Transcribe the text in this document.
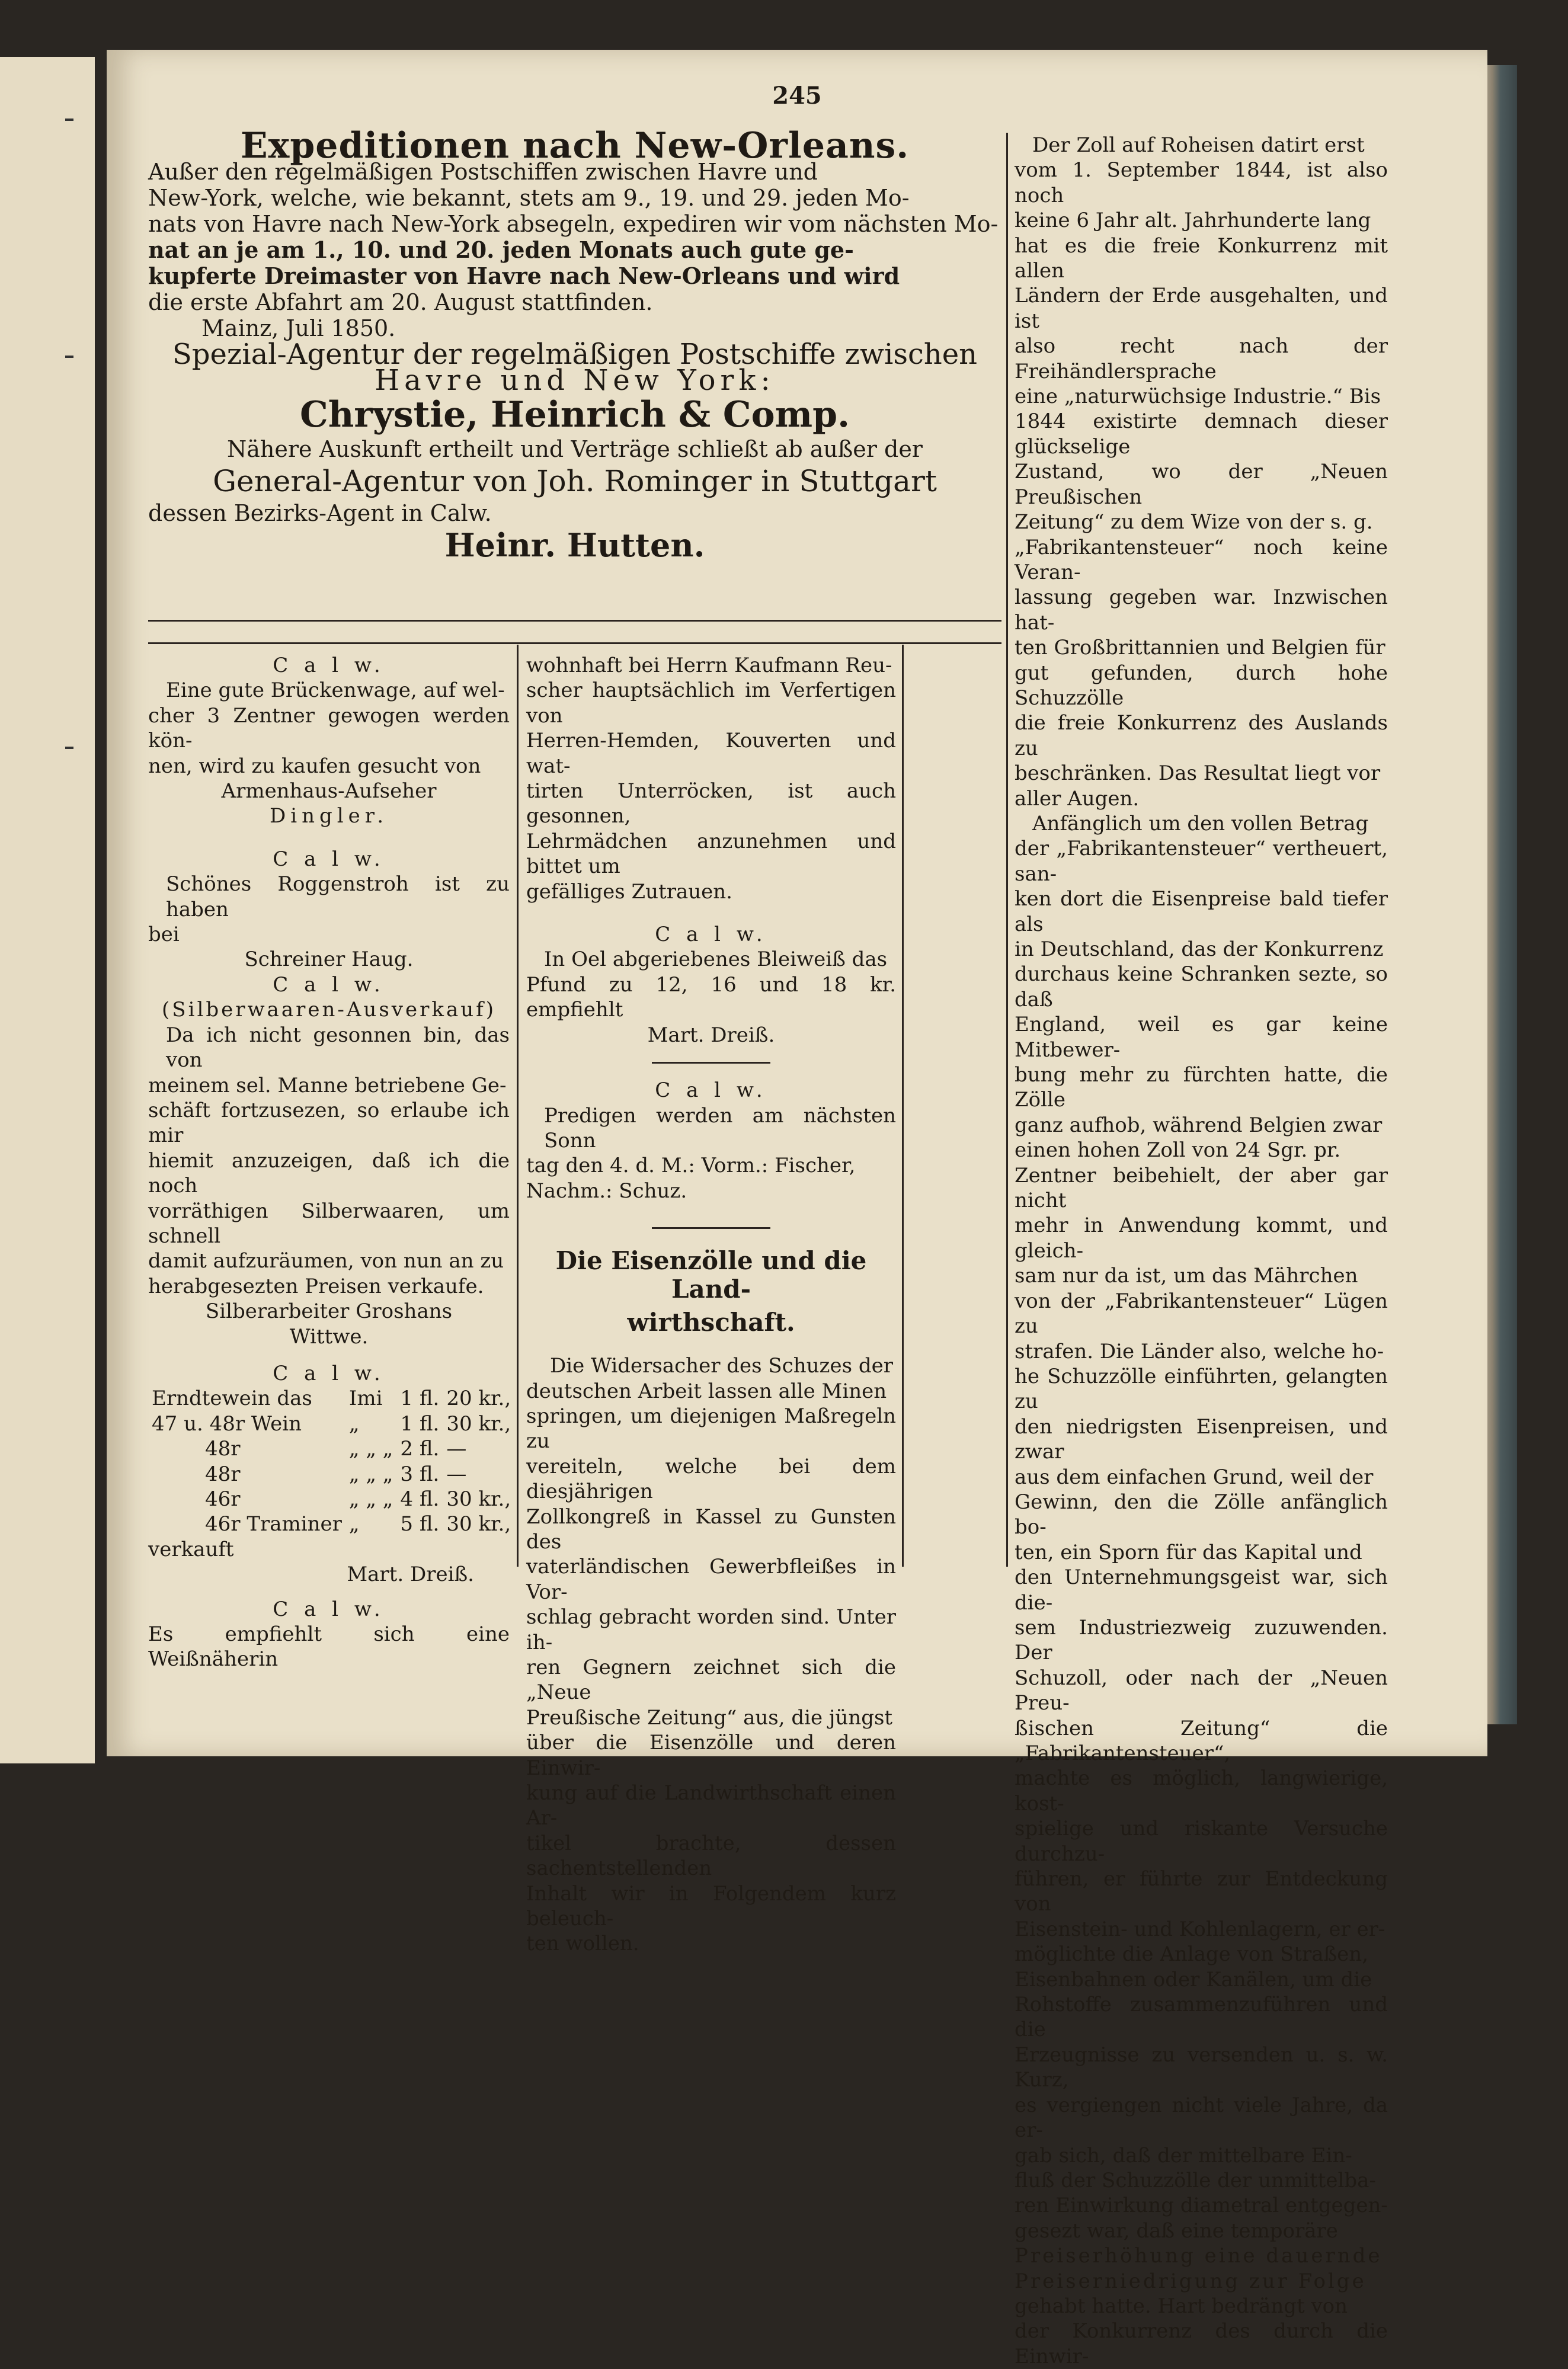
245
Expeditionen nach New-Orleans.

Außer den regelmäßigen Postschiffen zwischen Havre und

New-York, welche, wie bekannt, stets am 9., 19. und 29. jeden Mo-

nats von Havre nach New-York absegeln, expediren wir vom nächsten Mo-

nat an je am 1., 10. und 20. jeden Monats auch gute ge-

kupferte Dreimaster von Havre nach New-Orleans und wird

die erste Abfahrt am 20. August stattfinden.

Mainz, Juli 1850.

Spezial-Agentur der regelmäßigen Postschiffe zwischen

Havre und New York:

Chrystie, Heinrich & Comp.

Nähere Auskunft ertheilt und Verträge schließt ab außer der

General-Agentur von Joh. Rominger in Stuttgart

dessen Bezirks-Agent in Calw.

Heinr. Hutten.

C a l w.

Eine gute Brückenwage, auf wel-

cher 3 Zentner gewogen werden kön-

nen, wird zu kaufen gesucht von

Armenhaus-Aufseher

Dingler.

C a l w.

Schönes Roggenstroh ist zu haben

bei

Schreiner Haug.

C a l w.

(Silberwaaren-Ausverkauf)

Da ich nicht gesonnen bin, das von

meinem sel. Manne betriebene Ge-

schäft fortzusezen, so erlaube ich mir

hiemit anzuzeigen, daß ich die noch

vorräthigen Silberwaaren, um schnell

damit aufzuräumen, von nun an zu

herabgesezten Preisen verkaufe.

Silberarbeiter Groshans

Wittwe.

C a l w.

Erndtewein das	Imi	1 fl.	20 kr.,
47 u. 48r Wein	„	1 fl.	30 kr.,
48r	„ „ „	2 fl.	—
48r	„ „ „	3 fl.	—
46r	„ „ „	4 fl.	30 kr.,
46r Traminer	„	5 fl.	30 kr.,

verkauft

Mart. Dreiß.

C a l w.

Es empfiehlt sich eine Weißnäherin

wohnhaft bei Herrn Kaufmann Reu-

scher hauptsächlich im Verfertigen von

Herren-Hemden, Kouverten und wat-

tirten Unterröcken, ist auch gesonnen,

Lehrmädchen anzunehmen und bittet um

gefälliges Zutrauen.

C a l w.

In Oel abgeriebenes Bleiweiß das

Pfund zu 12, 16 und 18 kr. empfiehlt

Mart. Dreiß.

C a l w.

Predigen werden am nächsten Sonn

tag den 4. d. M.: Vorm.: Fischer,

Nachm.: Schuz.

Die Eisenzölle und die Land-
wirthschaft.

Die Widersacher des Schuzes der

deutschen Arbeit lassen alle Minen

springen, um diejenigen Maßregeln zu

vereiteln, welche bei dem diesjährigen

Zollkongreß in Kassel zu Gunsten des

vaterländischen Gewerbfleißes in Vor-

schlag gebracht worden sind. Unter ih-

ren Gegnern zeichnet sich die „Neue

Preußische Zeitung“ aus, die jüngst

über die Eisenzölle und deren Einwir-

kung auf die Landwirthschaft einen Ar-

tikel brachte, dessen sachentstellenden

Inhalt wir in Folgendem kurz beleuch-

ten wollen.

Der Zoll auf Roheisen datirt erst

vom 1. September 1844, ist also noch

keine 6 Jahr alt. Jahrhunderte lang

hat es die freie Konkurrenz mit allen

Ländern der Erde ausgehalten, und ist

also recht nach der Freihändlersprache

eine „naturwüchsige Industrie.“ Bis

1844 existirte demnach dieser glückselige

Zustand, wo der „Neuen Preußischen

Zeitung“ zu dem Wize von der s. g.

„Fabrikantensteuer“ noch keine Veran-

lassung gegeben war. Inzwischen hat-

ten Großbrittannien und Belgien für

gut gefunden, durch hohe Schuzzölle

die freie Konkurrenz des Auslands zu

beschränken. Das Resultat liegt vor

aller Augen.

Anfänglich um den vollen Betrag

der „Fabrikantensteuer“ vertheuert, san-

ken dort die Eisenpreise bald tiefer als

in Deutschland, das der Konkurrenz

durchaus keine Schranken sezte, so daß

England, weil es gar keine Mitbewer-

bung mehr zu fürchten hatte, die Zölle

ganz aufhob, während Belgien zwar

einen hohen Zoll von 24 Sgr. pr.

Zentner beibehielt, der aber gar nicht

mehr in Anwendung kommt, und gleich-

sam nur da ist, um das Mährchen

von der „Fabrikantensteuer“ Lügen zu

strafen. Die Länder also, welche ho-

he Schuzzölle einführten, gelangten zu

den niedrigsten Eisenpreisen, und zwar

aus dem einfachen Grund, weil der

Gewinn, den die Zölle anfänglich bo-

ten, ein Sporn für das Kapital und

den Unternehmungsgeist war, sich die-

sem Industriezweig zuzuwenden. Der

Schuzoll, oder nach der „Neuen Preu-

ßischen Zeitung“ die „Fabrikantensteuer“,

machte es möglich, langwierige, kost-

spielige und riskante Versuche durchzu-

führen, er führte zur Entdeckung von

Eisenstein- und Kohlenlagern, er er-

möglichte die Anlage von Straßen,

Eisenbahnen oder Kanälen, um die

Rohstoffe zusammenzuführen und die

Erzeugnisse zu versenden u. s. w. Kurz,

es vergiengen nicht viele Jahre, da er-

gab sich, daß der mittelbare Ein-

fluß der Schuzzölle der unmittelba-

ren Einwirkung diametral entgegen-

gesezt war, daß eine temporäre

Preiserhöhung eine dauernde

Preiserniedrigung zur Folge

gehabt hatte. Hart bedrängt von

der Konkurrenz des durch die Einwir-
